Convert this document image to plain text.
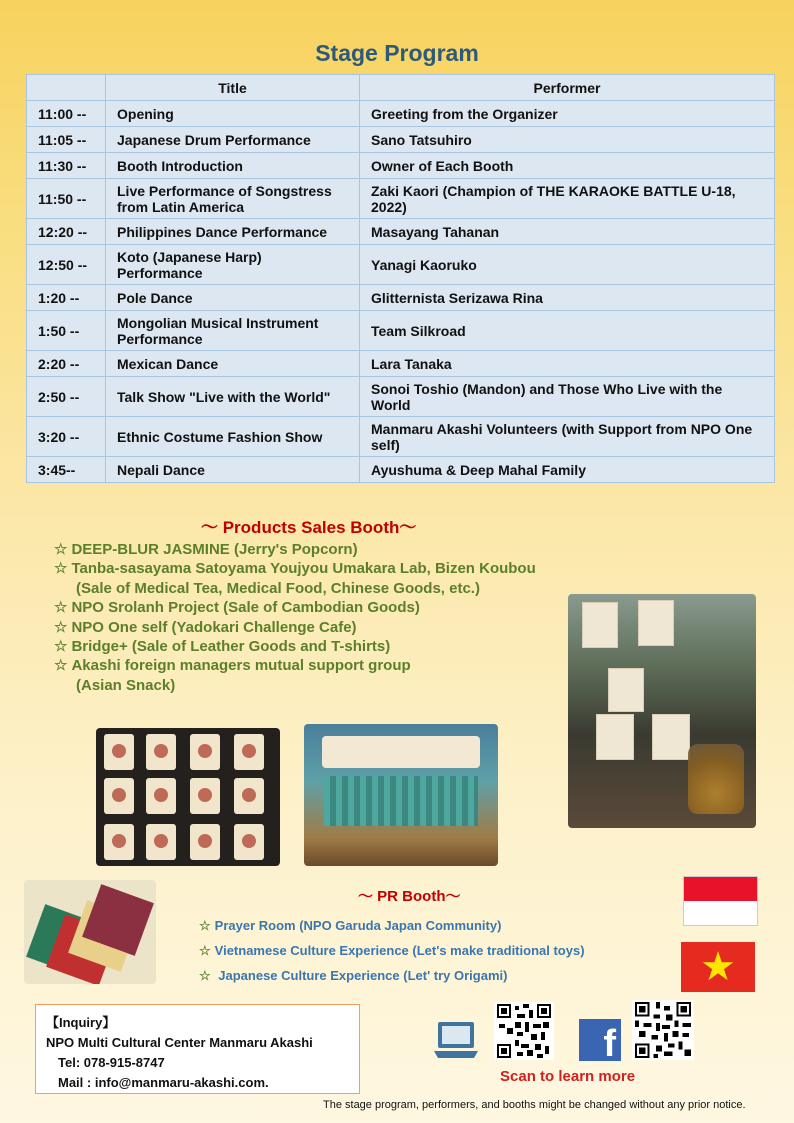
Stage Program
	Title	Performer
11:00 --	Opening	Greeting from the Organizer
11:05 --	Japanese Drum Performance	Sano Tatsuhiro
11:30 --	Booth Introduction	Owner of Each Booth
11:50 --	Live Performance of Songstress from Latin America	Zaki Kaori (Champion of THE KARAOKE BATTLE U-18, 2022)
12:20 --	Philippines Dance Performance	Masayang Tahanan
12:50 --	Koto (Japanese Harp) Performance	Yanagi Kaoruko
1:20 --	Pole Dance	Glitternista Serizawa Rina
1:50 --	Mongolian Musical Instrument Performance	Team Silkroad
2:20 --	Mexican Dance	Lara Tanaka
2:50 --	Talk Show "Live with the World"	Sonoi Toshio (Mandon) and Those Who Live with the World
3:20 --	Ethnic Costume Fashion Show	Manmaru Akashi Volunteers (with Support from NPO One self)
3:45--	Nepali Dance	Ayushuma & Deep Mahal Family
〜 Products Sales Booth〜
☆ DEEP-BLUR JASMINE (Jerry's Popcorn)
☆ Tanba-sasayama Satoyama Youjyou Umakara Lab, Bizen Koubou
(Sale of Medical Tea, Medical Food, Chinese Goods, etc.)
☆ NPO Srolanh Project (Sale of Cambodian Goods)
☆ NPO One self (Yadokari Challenge Cafe)
☆ Bridge+ (Sale of Leather Goods and T-shirts)
☆ Akashi foreign managers mutual support group
(Asian Snack)
〜 PR Booth〜
☆ Prayer Room (NPO Garuda Japan Community)
☆ Vietnamese Culture Experience (Let's make traditional toys)
☆ Japanese Culture Experience (Let' try Origami)	★
【Inquiry】
NPO Multi Cultural Center Manmaru Akashi
Tel: 078-915-8747
Mail : info@manmaru-akashi.com.
f
Scan to learn more
The stage program, performers, and booths might be changed without any prior notice.
